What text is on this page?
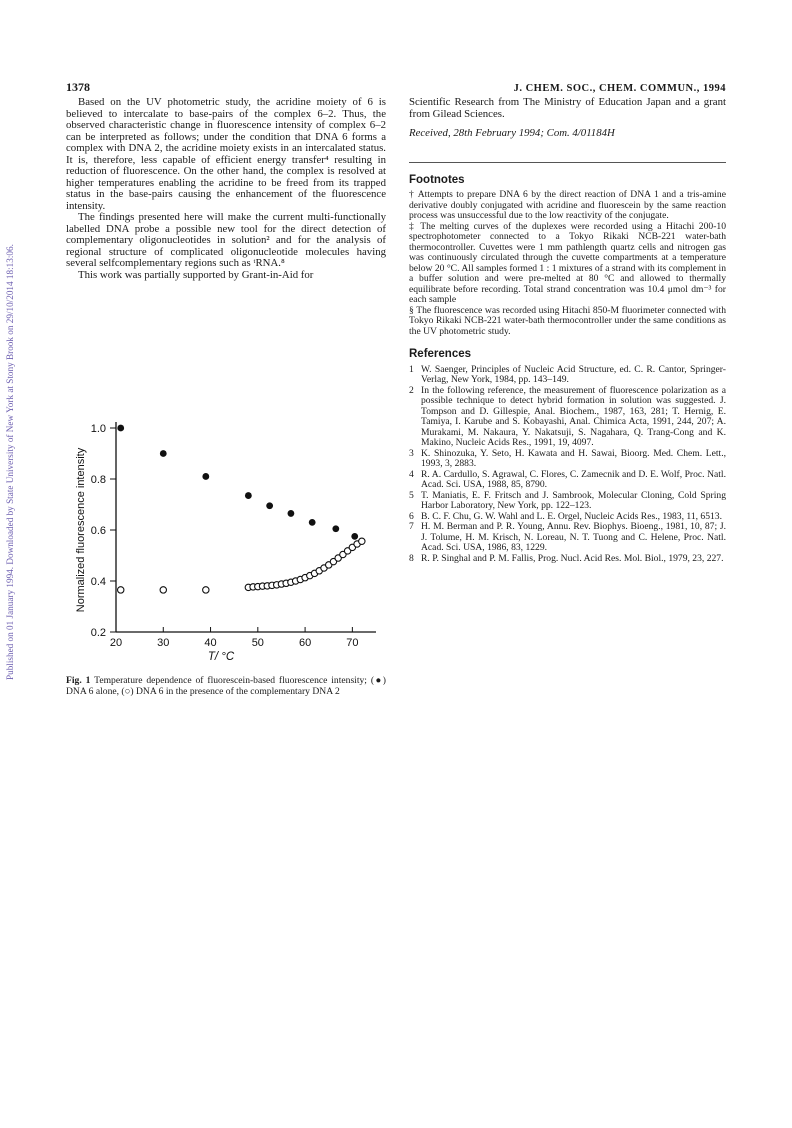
Published on 01 January 1994. Downloaded by State University of New York at Stony Brook on 29/10/2014 18:13:06.
1378	J. CHEM. SOC., CHEM. COMMUN., 1994

Based on the UV photometric study, the acridine moiety of 6 is believed to intercalate to base-pairs of the complex 6–2. Thus, the observed characteristic change in fluorescence intensity of complex 6–2 can be interpreted as follows; under the condition that DNA 6 forms a complex with DNA 2, the acridine moiety exists in an intercalated status. It is, therefore, less capable of efficient energy transfer⁴ resulting in reduction of fluorescence. On the other hand, the complex is resolved at higher temperatures enabling the acridine to be freed from its trapped status in the base-pairs causing the enhancement of the fluorescence intensity.

The findings presented here will make the current multi-functionally labelled DNA probe a possible new tool for the direct detection of complementary oligonucleotides in solution² and for the analysis of regional structure of complicated oligonucleotide molecules having several selfcomplementary regions such as ᵗRNA.⁸

This work was partially supported by Grant-in-Aid for

20	30	40	50	60	70
0.2
0.4
0.6
0.8
1.0
T/ °C
Normalized fluorescence intensity
Fig. 1 Temperature dependence of fluorescein-based fluorescence intensity; (●) DNA 6 alone, (○) DNA 6 in the presence of the complementary DNA 2

Scientific Research from The Ministry of Education Japan and a grant from Gilead Sciences.

Received, 28th February 1994; Com. 4/01184H

Footnotes

† Attempts to prepare DNA 6 by the direct reaction of DNA 1 and a tris-amine derivative doubly conjugated with acridine and fluorescein by the same reaction process was unsuccessful due to the low reactivity of the conjugate.

‡ The melting curves of the duplexes were recorded using a Hitachi 200-10 spectrophotometer connected to a Tokyo Rikaki NCB-221 water-bath thermocontroller. Cuvettes were 1 mm pathlength quartz cells and nitrogen gas was continuously circulated through the cuvette compartments at a temperature below 20 °C. All samples formed 1 : 1 mixtures of a strand with its complement in a buffer solution and were pre-melted at 80 °C and allowed to thermally equilibrate before recording. Total strand concentration was 10.4 μmol dm⁻³ for each sample

§ The fluorescence was recorded using Hitachi 850-M fluorimeter connected with Tokyo Rikaki NCB-221 water-bath thermocontroller under the same conditions as the UV photometric study.

References

1 W. Saenger, Principles of Nucleic Acid Structure, ed. C. R. Cantor, Springer-Verlag, New York, 1984, pp. 143–149.

2 In the following reference, the measurement of fluorescence polarization as a possible technique to detect hybrid formation in solution was suggested. J. Tompson and D. Gillespie, Anal. Biochem., 1987, 163, 281; T. Hernig, E. Tamiya, I. Karube and S. Kobayashi, Anal. Chimica Acta, 1991, 244, 207; A. Murakami, M. Nakaura, Y. Nakatsuji, S. Nagahara, Q. Trang-Cong and K. Makino, Nucleic Acids Res., 1991, 19, 4097.

3 K. Shinozuka, Y. Seto, H. Kawata and H. Sawai, Bioorg. Med. Chem. Lett., 1993, 3, 2883.

4 R. A. Cardullo, S. Agrawal, C. Flores, C. Zamecnik and D. E. Wolf, Proc. Natl. Acad. Sci. USA, 1988, 85, 8790.

5 T. Maniatis, E. F. Fritsch and J. Sambrook, Molecular Cloning, Cold Spring Harbor Laboratory, New York, pp. 122–123.

6 B. C. F. Chu, G. W. Wahl and L. E. Orgel, Nucleic Acids Res., 1983, 11, 6513.

7 H. M. Berman and P. R. Young, Annu. Rev. Biophys. Bioeng., 1981, 10, 87; J. J. Tolume, H. M. Krisch, N. Loreau, N. T. Tuong and C. Helene, Proc. Natl. Acad. Sci. USA, 1986, 83, 1229.

8 R. P. Singhal and P. M. Fallis, Prog. Nucl. Acid Res. Mol. Biol., 1979, 23, 227.
